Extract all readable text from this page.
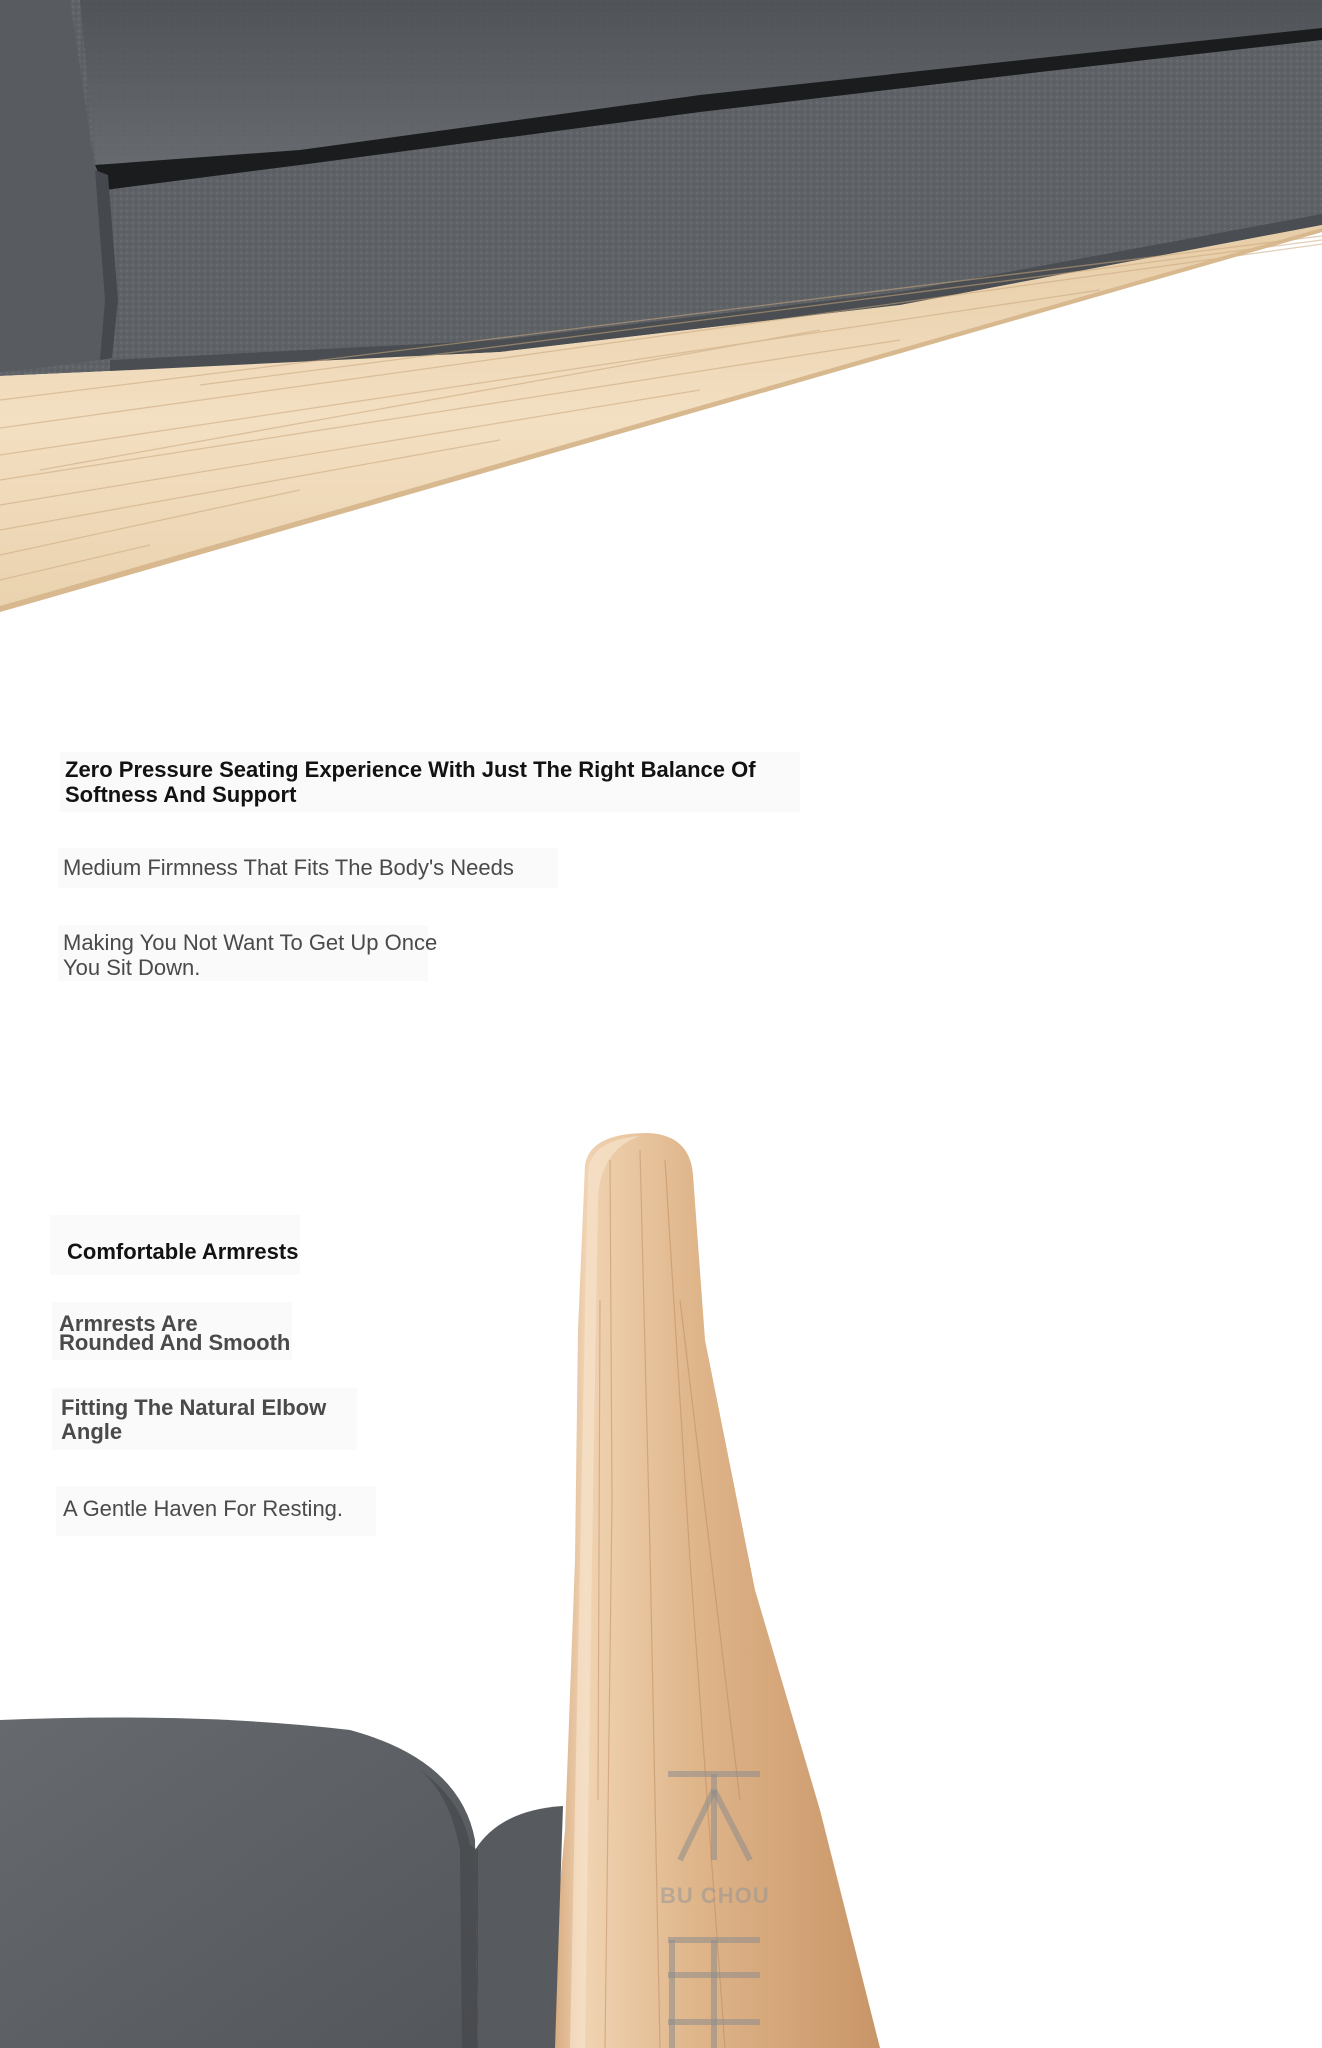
Zero Pressure Seating Experience With Just The Right Balance Of
Softness And Support

Medium Firmness That Fits The Body's Needs

Making You Not Want To Get Up Once
You Sit Down.

Comfortable Armrests

Armrests Are
Rounded And Smooth

Fitting The Natural Elbow
Angle

A Gentle Haven For Resting.

BU CHOU
